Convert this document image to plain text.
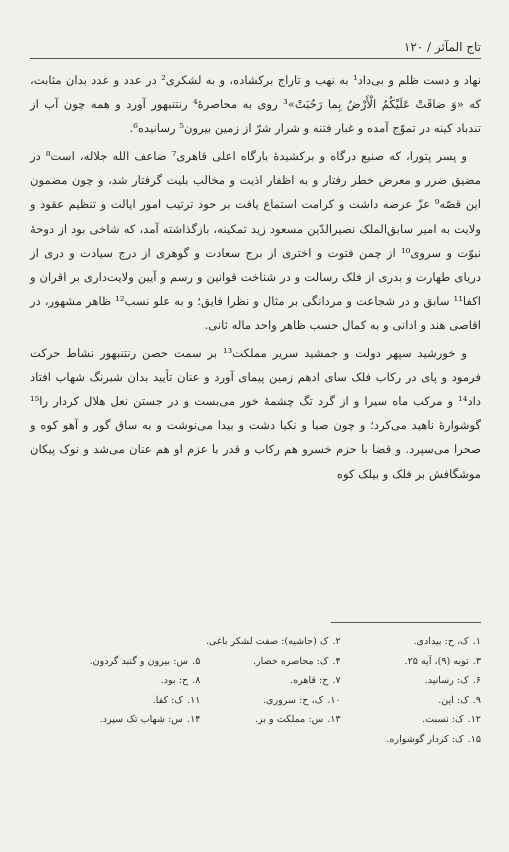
تاج المآثر / ۱۲۰

نهاد و دست ظلم و بی‌داد¹ به نهب و تاراج برکشاده، و به لشکری² در عدد و عدد بدان مثابت، که «وَ ضاقَتْ عَلَیْکُمُ الْأَرْضُ بِما رَحُبَتْ»³ روی به محاصرهٔ⁴ رنتنبهور آورد و همه چون آب از تندباد کینه در تموّج آمده و غبار فتنه و شرار شرّ از زمین بیرون⁵ رسانیده⁶.

و پسر پتورا، که صنیع درگاه و برکشیدهٔ بارگاه اعلی قاهری⁷ ضاعف الله جلاله، است⁸ در مضیق ضرر و معرض خطر رفتار و به اظفار اذیت و مخالب بلیت گرفتار شد، و چون مضمون این قصّه⁹ عزّ عرضه داشت و کرامت استماع یافت بر حود ترتیب امور ایالت و تنظیم عقود و ولایت به امیر سابق‌الملک نصیرالدّین مسعود زید تمکینه، بازگذاشته آمد، که شاخی بود از دوحهٔ نبوّت و سروی¹⁰ از چمن فتوت و اختری از برج سعادت و گوهری از درج سیادت و دری از دریای طهارت و بدری از فلک رسالت و در شناخت قوانین و رسم و آیین ولایت‌داری بر اقران و اکفا¹¹ سابق و در شجاعت و مردانگی بر مثال و نظرا فایق؛ و به علو نسب¹² ظاهر مشهور، در اقاصی هند و ادانی و به کمال حسب ظاهر واحد ماله ثانی.

و خورشید سپهر دولت و جمشید سریر مملکت¹³ بر سمت حصن رنتنبهور نشاط حرکت فرمود و پای در رکاب فلک سای ادهم زمین پیمای آورد و عنان تأیید بدان شبرنگ شهاب افتاد داد¹⁴ و مرکب ماه سیرا و از گرد تگ چشمهٔ خور می‌بست و در جستن نعل هلال کردار را¹⁵ گوشوارهٔ ناهید می‌کرد؛ و چون صبا و نکبا دشت و بیدا می‌نوشت و به ساق گور و آهو کوه و صحرا می‌سپرد. و قضا با حزم خسرو هم رکاب و قدر با عزم او هم عنان می‌شد و نوک پیکان موشگافش بر فلک و بیلک کوه

۱.ک، ح: بیدادی.
۲.ک (حاشیه): صفت لشکر باغی.
۳.توبه (۹)، آیه ۲۵.
۴.ک: محاصره حصار.
۵.س: بیرون و گنبد گردون.
۶.ک: رسانید.
۷.ح: قاهره.
۸.ح: بود.
۹.ک: این.
۱۰.ک، ح: سروری.
۱۱.ک: کفا.
۱۲.ک: نسبت.
۱۳.س: مملکت و بر.
۱۴.س: شهاب تک سپرد.
۱۵.ک: کردار گوشواره.
